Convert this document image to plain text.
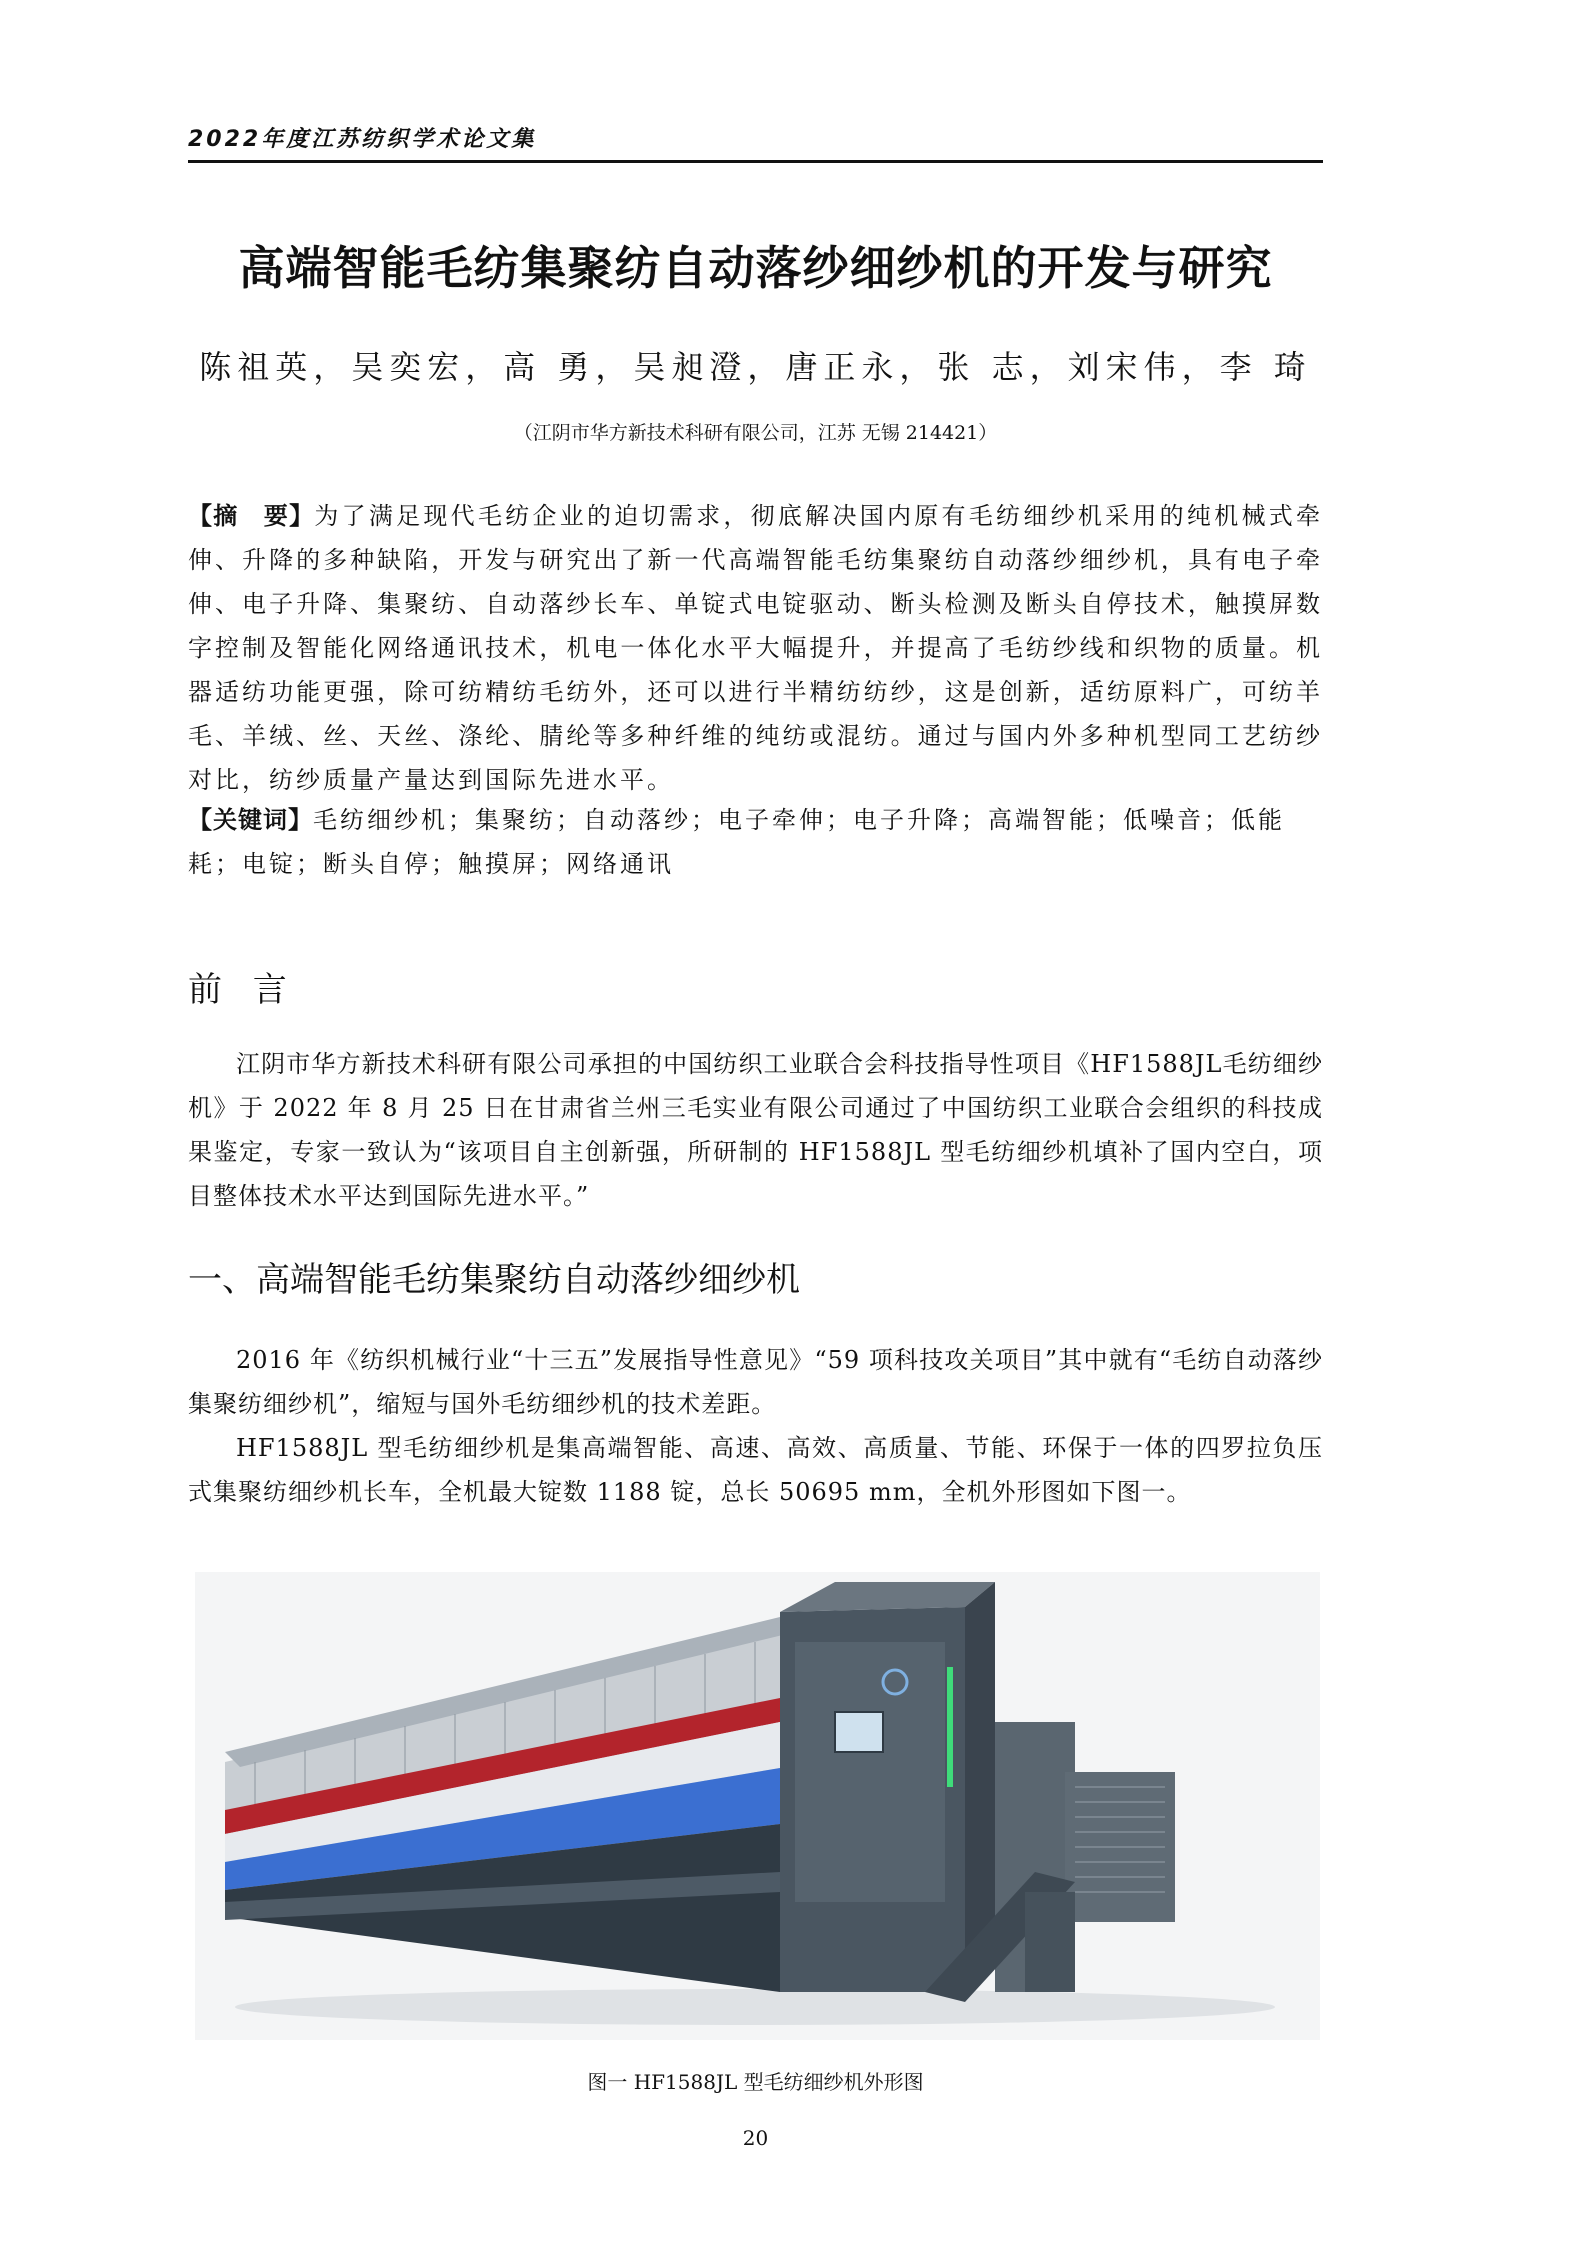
2022年度江苏纺织学术论文集
高端智能毛纺集聚纺自动落纱细纱机的开发与研究
陈祖英，吴奕宏，高 勇，吴昶澄，唐正永，张 志，刘宋伟，李 琦
（江阴市华方新技术科研有限公司，江苏 无锡 214421）
【摘　要】为了满足现代毛纺企业的迫切需求，彻底解决国内原有毛纺细纱机采用的纯机械式牵伸、升降的多种缺陷，开发与研究出了新一代高端智能毛纺集聚纺自动落纱细纱机，具有电子牵伸、电子升降、集聚纺、自动落纱长车、单锭式电锭驱动、断头检测及断头自停技术，触摸屏数字控制及智能化网络通讯技术，机电一体化水平大幅提升，并提高了毛纺纱线和织物的质量。机器适纺功能更强，除可纺精纺毛纺外，还可以进行半精纺纺纱，这是创新，适纺原料广，可纺羊毛、羊绒、丝、天丝、涤纶、腈纶等多种纤维的纯纺或混纺。通过与国内外多种机型同工艺纺纱对比，纺纱质量产量达到国际先进水平。
【关键词】毛纺细纱机；集聚纺；自动落纱；电子牵伸；电子升降；高端智能；低噪音；低能耗；电锭；断头自停；触摸屏；网络通讯
前 言
江阴市华方新技术科研有限公司承担的中国纺织工业联合会科技指导性项目《HF1588JL毛纺细纱机》于 2022 年 8 月 25 日在甘肃省兰州三毛实业有限公司通过了中国纺织工业联合会组织的科技成果鉴定，专家一致认为“该项目自主创新强，所研制的 HF1588JL 型毛纺细纱机填补了国内空白，项目整体技术水平达到国际先进水平。”
一、高端智能毛纺集聚纺自动落纱细纱机
2016 年《纺织机械行业“十三五”发展指导性意见》“59 项科技攻关项目”其中就有“毛纺自动落纱集聚纺细纱机”，缩短与国外毛纺细纱机的技术差距。
HF1588JL 型毛纺细纱机是集高端智能、高速、高效、高质量、节能、环保于一体的四罗拉负压式集聚纺细纱机长车，全机最大锭数 1188 锭，总长 50695 mm，全机外形图如下图一。
图一 HF1588JL 型毛纺细纱机外形图
20
